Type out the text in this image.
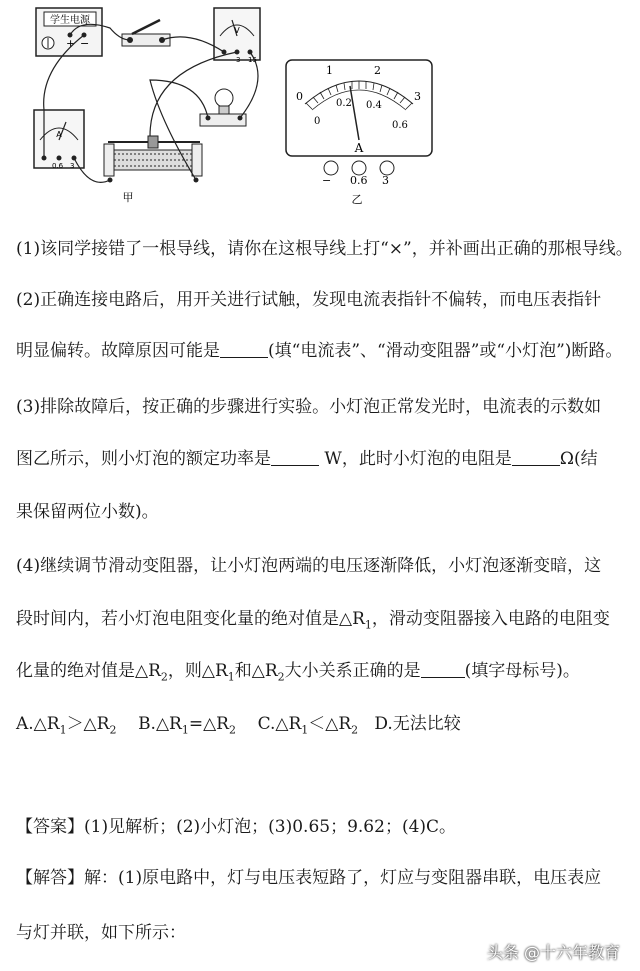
学生电源
+ −
V
3 15
A
0.6 3
甲
0
1	2
3
0
0.2 0.4
0.6
A
− 0.6 3
乙

(1)该同学接错了一根导线，请你在这根导线上打“×”，并补画出正确的那根导线。

(2)正确连接电路后，用开关进行试触，发现电流表指针不偏转，而电压表指针

明显偏转。故障原因可能是	(填“电流表”、“滑动变阻器”或“小灯泡”)断路。

(3)排除故障后，按正确的步骤进行实验。小灯泡正常发光时，电流表的示数如

图乙所示，则小灯泡的额定功率是	W，此时小灯泡的电阻是	Ω(结

果保留两位小数)。

(4)继续调节滑动变阻器，让小灯泡两端的电压逐渐降低，小灯泡逐渐变暗，这

段时间内，若小灯泡电阻变化量的绝对值是$\triangle R_1$，滑动变阻器接入电路的电阻变

化量的绝对值是$\triangle R_2$，则$\triangle R_1$和$\triangle R_2$大小关系正确的是	(填字母标号)。

$A.\triangle R_1>\triangle R_2$ $B.\triangle R_1=\triangle R_2$ $C.\triangle R_1<\triangle R_2$ D.无法比较

【答案】(1)见解析；(2)小灯泡；(3)0.65；9.62；(4)C。

【解答】解：(1)原电路中，灯与电压表短路了，灯应与变阻器串联，电压表应

与灯并联，如下所示：

头条 @十六年教育
